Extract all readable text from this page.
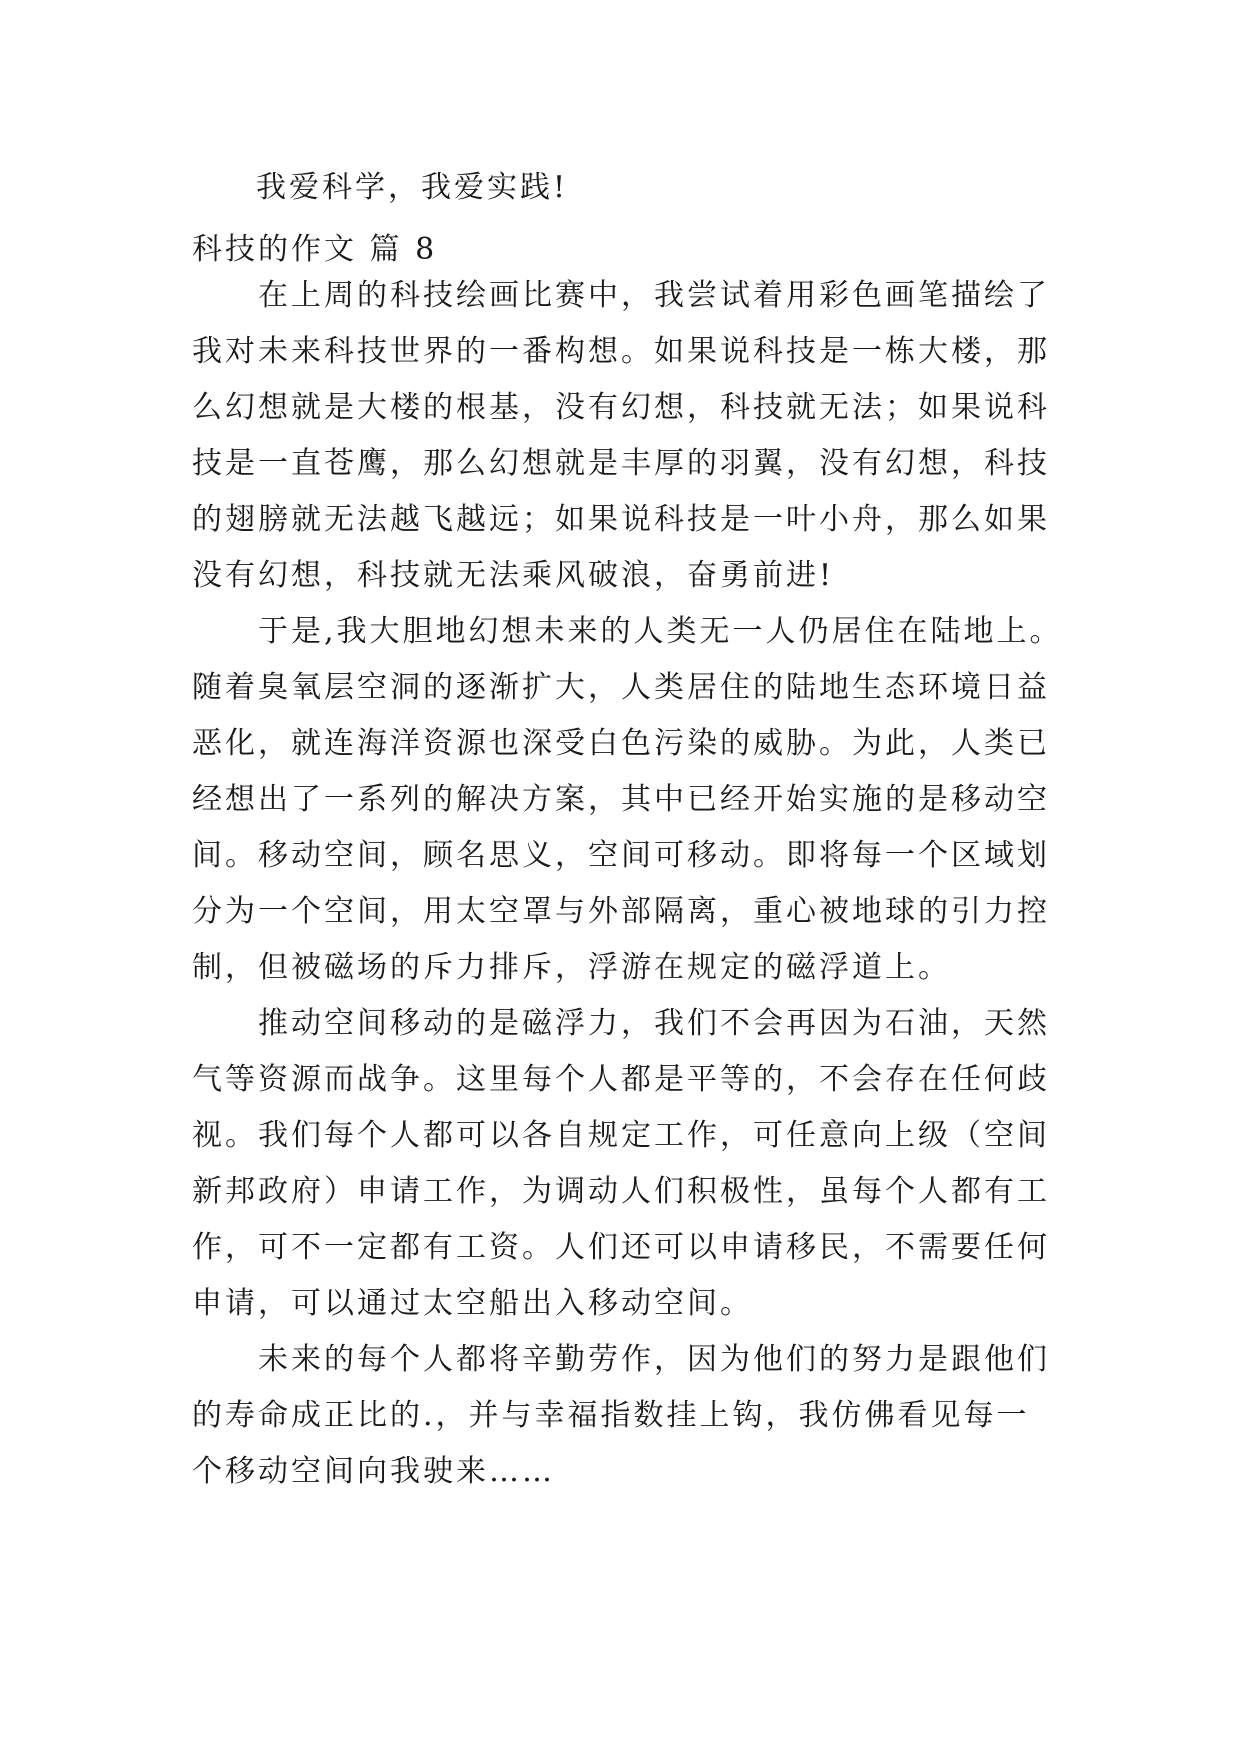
我爱科学，我爱实践!
科技的作文 篇 8
　　在上周的科技绘画比赛中，我尝试着用彩色画笔描绘了
我对未来科技世界的一番构想。如果说科技是一栋大楼，那
么幻想就是大楼的根基，没有幻想，科技就无法；如果说科
技是一直苍鹰，那么幻想就是丰厚的羽翼，没有幻想，科技
的翅膀就无法越飞越远；如果说科技是一叶小舟，那么如果
没有幻想，科技就无法乘风破浪，奋勇前进!
　　于是,我大胆地幻想未来的人类无一人仍居住在陆地上。
随着臭氧层空洞的逐渐扩大，人类居住的陆地生态环境日益
恶化，就连海洋资源也深受白色污染的威胁。为此，人类已
经想出了一系列的解决方案，其中已经开始实施的是移动空
间。移动空间，顾名思义，空间可移动。即将每一个区域划
分为一个空间，用太空罩与外部隔离，重心被地球的引力控
制，但被磁场的斥力排斥，浮游在规定的磁浮道上。
　　推动空间移动的是磁浮力，我们不会再因为石油，天然
气等资源而战争。这里每个人都是平等的，不会存在任何歧
视。我们每个人都可以各自规定工作，可任意向上级（空间
新邦政府）申请工作，为调动人们积极性，虽每个人都有工
作，可不一定都有工资。人们还可以申请移民，不需要任何
申请，可以通过太空船出入移动空间。
　　未来的每个人都将辛勤劳作，因为他们的努力是跟他们
的寿命成正比的.，并与幸福指数挂上钩，我仿佛看见每一
个移动空间向我驶来……
